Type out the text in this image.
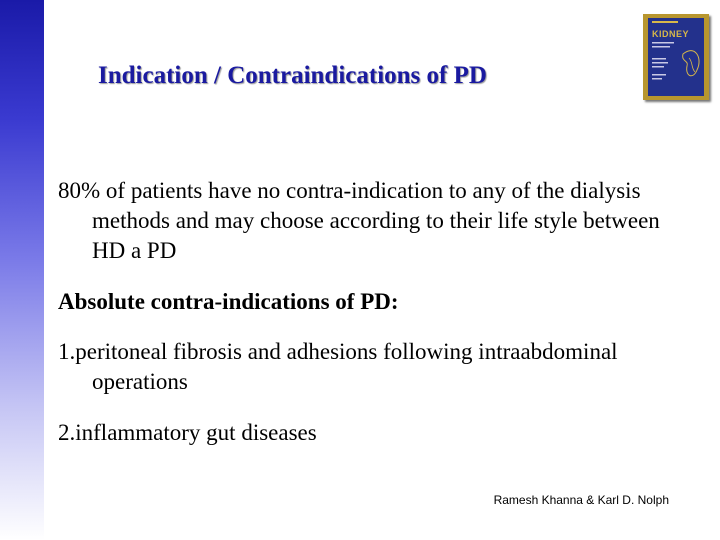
Indication / Contraindications of PD
KIDNEY

80% of patients have no contra-indication to any of the dialysis methods and may choose according to their life style between HD a PD

Absolute contra-indications of PD:

1.peritoneal fibrosis and adhesions following intraabdominal operations

2.inflammatory gut diseases

Ramesh Khanna & Karl D. Nolph
